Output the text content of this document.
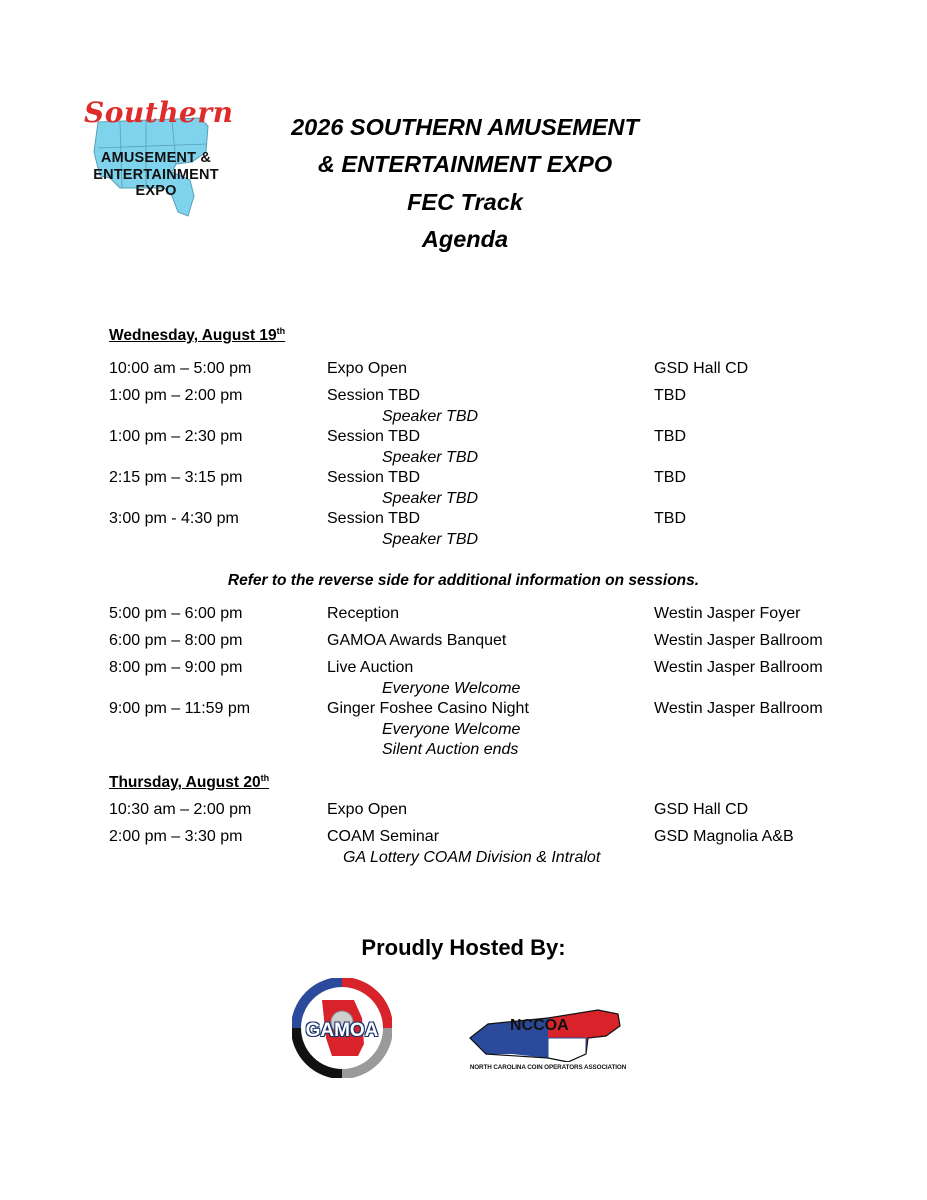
Southern
AMUSEMENT &
ENTERTAINMENT
EXPO
2026 SOUTHERN AMUSEMENT
& ENTERTAINMENT EXPO
FEC Track
Agenda
Wednesday, August 19th
10:00 am – 5:00 pm	Expo Open	GSD Hall CD
1:00 pm – 2:00 pm	Session TBD	TBD
Speaker TBD
1:00 pm – 2:30 pm	Session TBD	TBD
Speaker TBD
2:15 pm – 3:15 pm	Session TBD	TBD
Speaker TBD
3:00 pm - 4:30 pm	Session TBD	TBD
Speaker TBD
Refer to the reverse side for additional information on sessions.
5:00 pm – 6:00 pm	Reception	Westin Jasper Foyer
6:00 pm – 8:00 pm	GAMOA Awards Banquet	Westin Jasper Ballroom
8:00 pm – 9:00 pm	Live Auction	Westin Jasper Ballroom
Everyone Welcome
9:00 pm – 11:59 pm	Ginger Foshee Casino Night	Westin Jasper Ballroom
Everyone Welcome
Silent Auction ends
Thursday, August 20th
10:30 am – 2:00 pm	Expo Open	GSD Hall CD
2:00 pm – 3:30 pm	COAM Seminar	GSD Magnolia A&B
GA Lottery COAM Division & Intralot
Proudly Hosted By:
GAMOA	NCCOA
NORTH CAROLINA COIN OPERATORS ASSOCIATION
